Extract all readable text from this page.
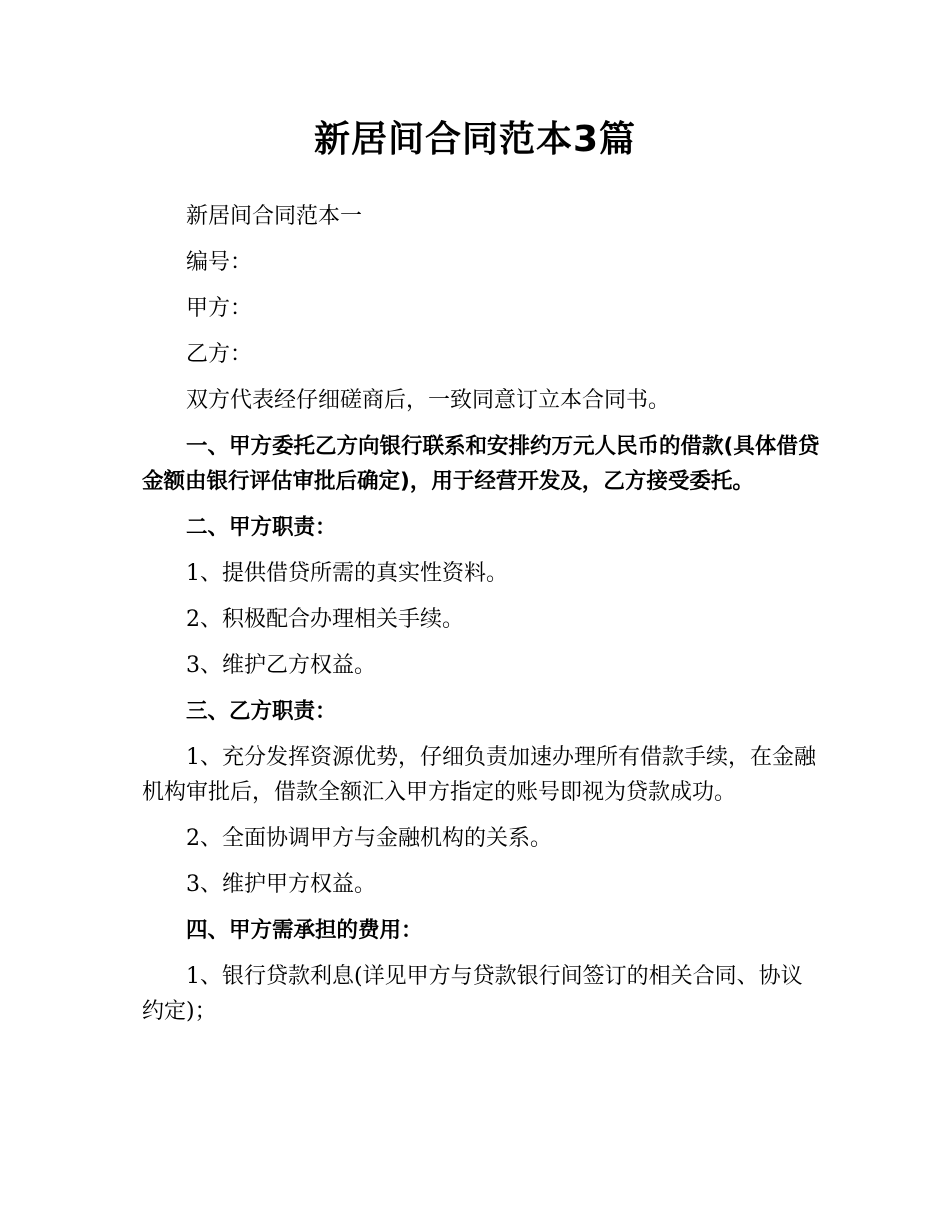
新居间合同范本3篇

新居间合同范本一

编号：

甲方：

乙方：

双方代表经仔细磋商后，一致同意订立本合同书。

一、甲方委托乙方向银行联系和安排约万元人民币的借款(具体借贷金额由银行评估审批后确定)，用于经营开发及，乙方接受委托。

二、甲方职责：

1、提供借贷所需的真实性资料。

2、积极配合办理相关手续。

3、维护乙方权益。

三、乙方职责：

1、充分发挥资源优势，仔细负责加速办理所有借款手续，在金融机构审批后，借款全额汇入甲方指定的账号即视为贷款成功。

2、全面协调甲方与金融机构的关系。

3、维护甲方权益。

四、甲方需承担的费用：

1、银行贷款利息(详见甲方与贷款银行间签订的相关合同、协议约定)；
